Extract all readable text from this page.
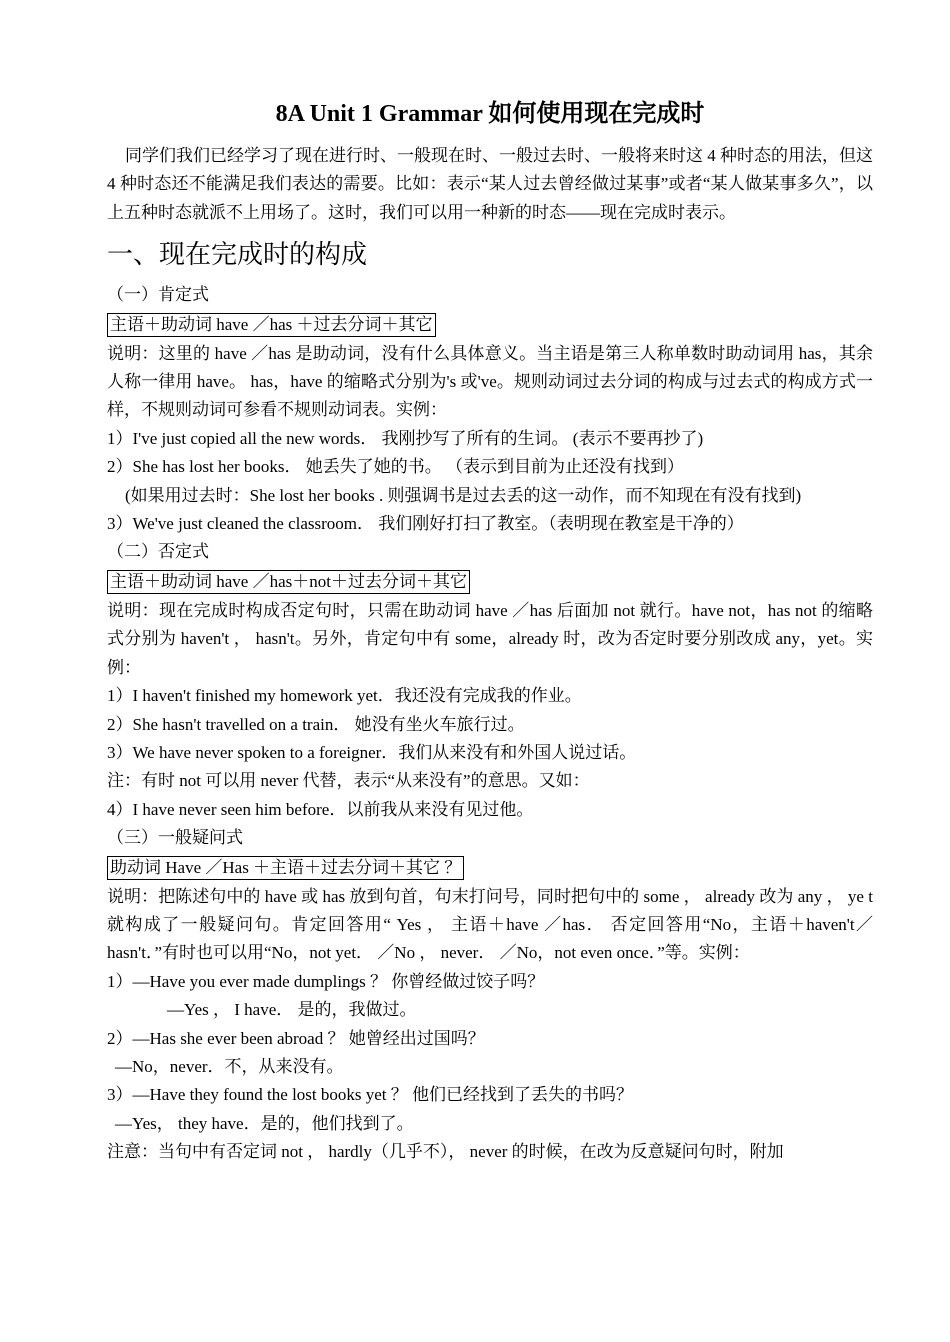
8A Unit 1 Grammar 如何使用现在完成时

同学们我们已经学习了现在进行时、一般现在时、一般过去时、一般将来时这 4 种时态的用法，但这 4 种时态还不能满足我们表达的需要。比如：表示“某人过去曾经做过某事”或者“某人做某事多久”，以上五种时态就派不上用场了。这时，我们可以用一种新的时态——现在完成时表示。

一、现在完成时的构成

（一）肯定式

主语＋助动词 have ／has ＋过去分词＋其它

说明：这里的 have ／has 是助动词，没有什么具体意义。当主语是第三人称单数时助动词用 has，其余人称一律用 have。 has，have 的缩略式分别为's 或've。规则动词过去分词的构成与过去式的构成方式一样，不规则动词可参看不规则动词表。实例：

1）I've just copied all the new words． 我刚抄写了所有的生词。 (表示不要再抄了)

2）She has lost her books． 她丢失了她的书。 （表示到目前为止还没有找到）

(如果用过去时：She lost her books . 则强调书是过去丢的这一动作，而不知现在有没有找到)

3）We've just cleaned the classroom． 我们刚好打扫了教室。（表明现在教室是干净的）

（二）否定式

主语＋助动词 have ／has＋not＋过去分词＋其它

说明：现在完成时构成否定句时，只需在助动词 have ／has 后面加 not 就行。have not，has not 的缩略式分别为 haven't ， hasn't。另外，肯定句中有 some，already 时，改为否定时要分别改成 any，yet。实例：

1）I haven't finished my homework yet．我还没有完成我的作业。

2）She hasn't travelled on a train． 她没有坐火车旅行过。

3）We have never spoken to a foreigner．我们从来没有和外国人说过话。

注：有时 not 可以用 never 代替，表示“从来没有”的意思。又如：

4）I have never seen him before．以前我从来没有见过他。

（三）一般疑问式

助动词 Have ／Has ＋主语＋过去分词＋其它 ？

说明：把陈述句中的 have 或 has 放到句首，句末打问号，同时把句中的 some ， already 改为 any ， ye t 就构成了一般疑问句。肯定回答用“ Yes ， 主语＋have ／has． 否定回答用“No，主语＋haven't／hasn't．”有时也可以用“No，not yet． ／No ， never． ／No，not even once．”等。实例：

1）—Have you ever made dumplings ？ 你曾经做过饺子吗？

—Yes ， I have． 是的，我做过。

2）—Has she ever been abroad ？ 她曾经出过国吗？

—No，never．不，从来没有。

3）—Have they found the lost books yet ？ 他们已经找到了丢失的书吗？

—Yes， they have．是的，他们找到了。

注意：当句中有否定词 not ， hardly（几乎不）， never 的时候，在改为反意疑问句时，附加
